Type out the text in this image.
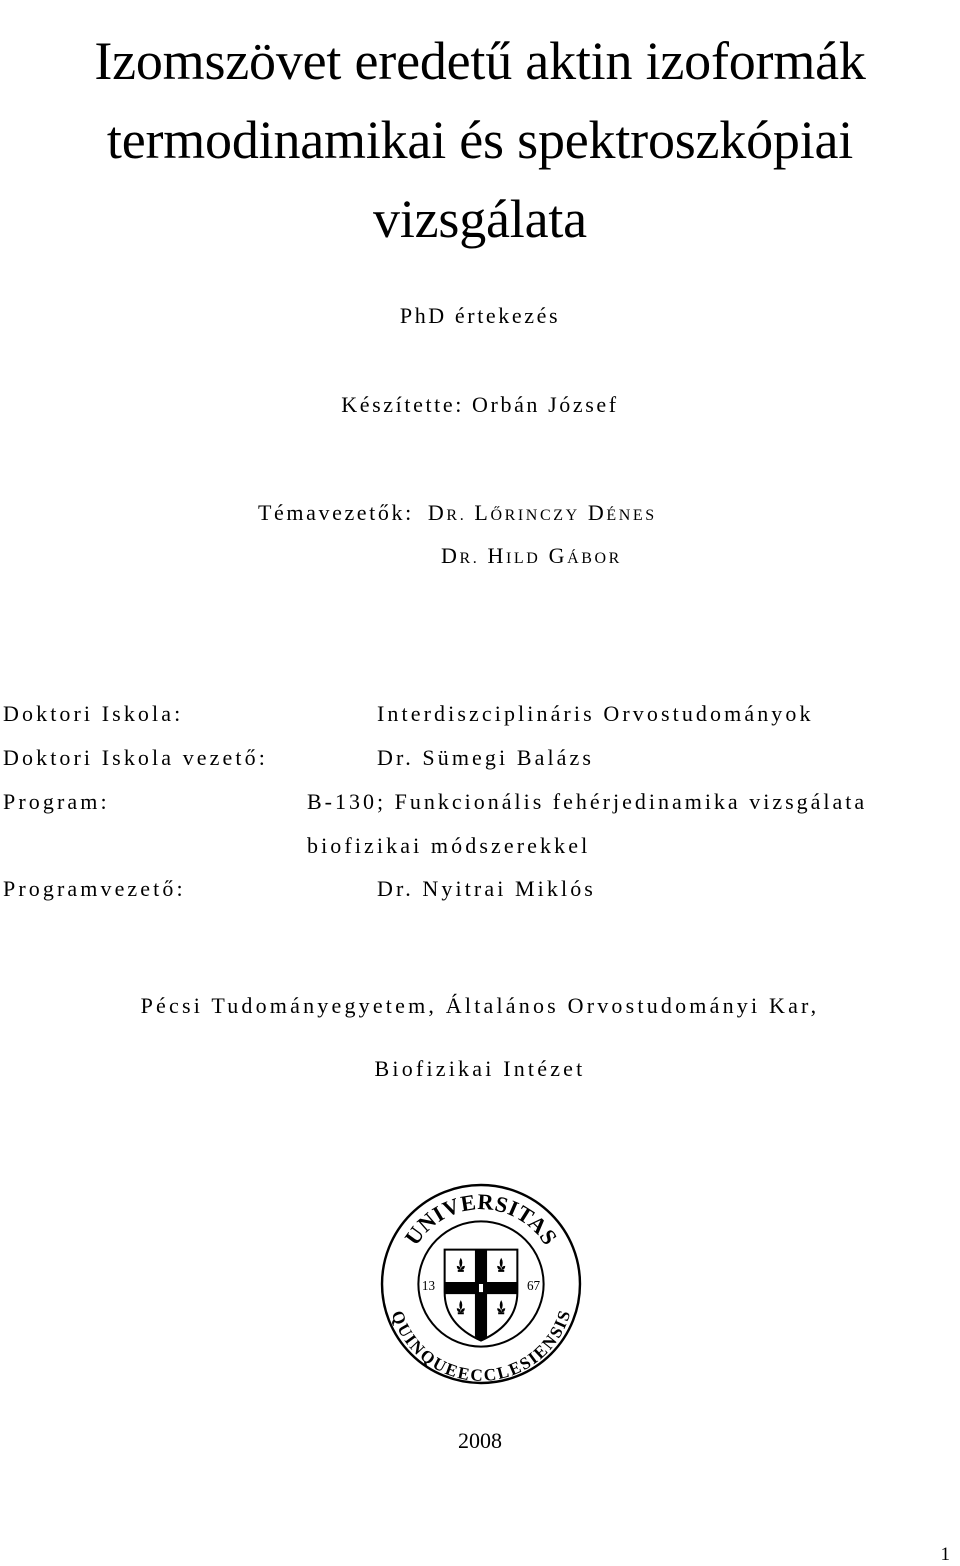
Izomszövet eredetű aktin izoformák
termodinamikai és spektroszkópiai
vizsgálata
PhD értekezés
Készítette: Orbán József
Témavezetők: DR. LŐRINCZY DÉNES
DR. HILD GÁBOR
Doktori Iskola:	Interdiszciplináris Orvostudományok
Doktori Iskola vezető:	Dr. Sümegi Balázs
Program:	B-130; Funkcionális fehérjedinamika vizsgálata
biofizikai módszerekkel
Programvezető:	Dr. Nyitrai Miklós
Pécsi Tudományegyetem, Általános Orvostudományi Kar,
Biofizikai Intézet
UNIVERSITAS
QUINQUEECCLESIENSIS
13	67
2008
1
